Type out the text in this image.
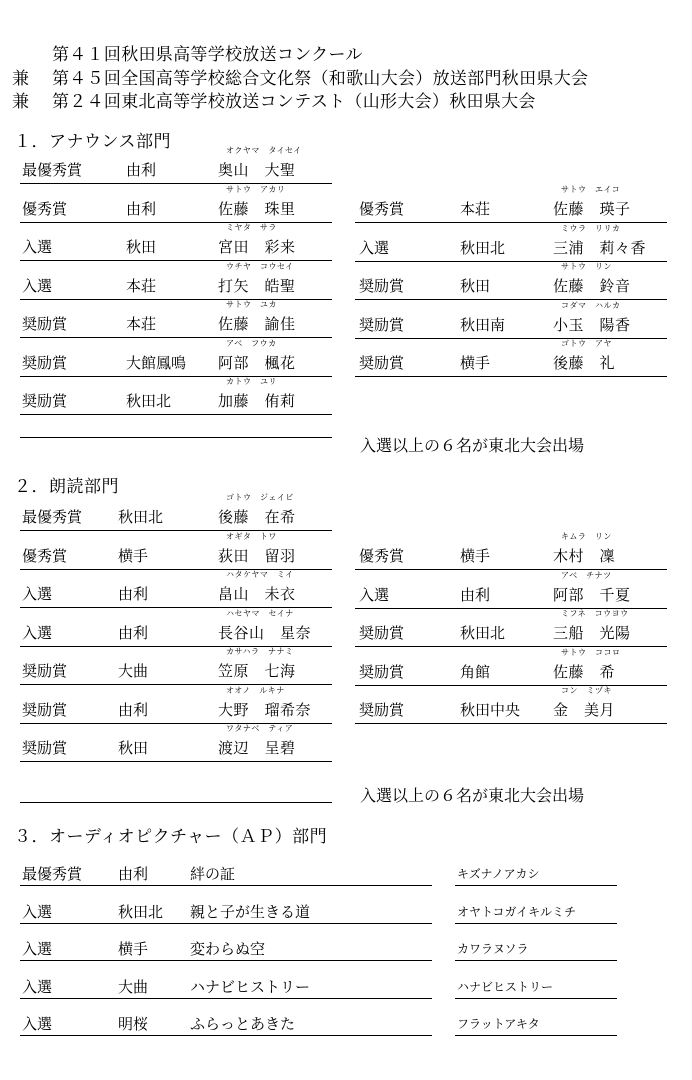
第４１回秋田県高等学校放送コンクール
兼 第４５回全国高等学校総合文化祭（和歌山大会）放送部門秋田県大会
兼 第２４回東北高等学校放送コンテスト（山形大会）秋田県大会
１．アナウンス部門
最優秀賞	由利
オクヤマ　タイセイ
奥山　大聖
優秀賞	由利
サトウ　アカリ
佐藤　珠里
入選	秋田
ミヤタ　サラ
宮田　彩来
入選	本荘
ウチヤ　コウセイ
打矢　皓聖
奨励賞	本荘
サトウ　ユカ
佐藤　諭佳
奨励賞	大館鳳鳴
アベ　フウカ
阿部　楓花
奨励賞	秋田北
カトウ　ユリ
加藤　侑莉
優秀賞	本荘
サトウ　エイコ
佐藤　瑛子
入選	秋田北
ミウラ　リリカ
三浦　莉々香
奨励賞	秋田
サトウ　リン
佐藤　鈴音
奨励賞	秋田南
コダマ　ハルカ
小玉　陽香
奨励賞	横手
ゴトウ　アヤ
後藤　礼
入選以上の６名が東北大会出場
２．朗読部門
最優秀賞 秋田北
ゴトウ　ジェイビ
後藤　在希
優秀賞	横手
オギタ　トワ
荻田　留羽
入選	由利
ハタケヤマ　ミイ
畠山　未衣
入選	由利
ハセヤマ　セイナ
長谷山　星奈
奨励賞	大曲
カサハラ　ナナミ
笠原　七海
奨励賞	由利
オオノ　ルキナ
大野　瑠希奈
奨励賞	秋田
ワタナベ　ティア
渡辺　呈碧
優秀賞	横手
キムラ　リン
木村　凜
入選	由利
アベ　チナツ
阿部　千夏
奨励賞	秋田北
ミフネ　コウヨウ
三船　光陽
奨励賞	角館
サトウ　ココロ
佐藤　希
奨励賞	秋田中央
コン　ミヅキ
金　美月
入選以上の６名が東北大会出場
３．オーディオピクチャー（ＡＰ）部門
最優秀賞 由利	絆の証	キズナノアカシ
入選	秋田北 親と子が生きる道	オヤトコガイキルミチ
入選	横手	変わらぬ空	カワラヌソラ
入選	大曲	ハナビヒストリー	ハナビヒストリー
入選	明桜	ふらっとあきた	フラットアキタ
